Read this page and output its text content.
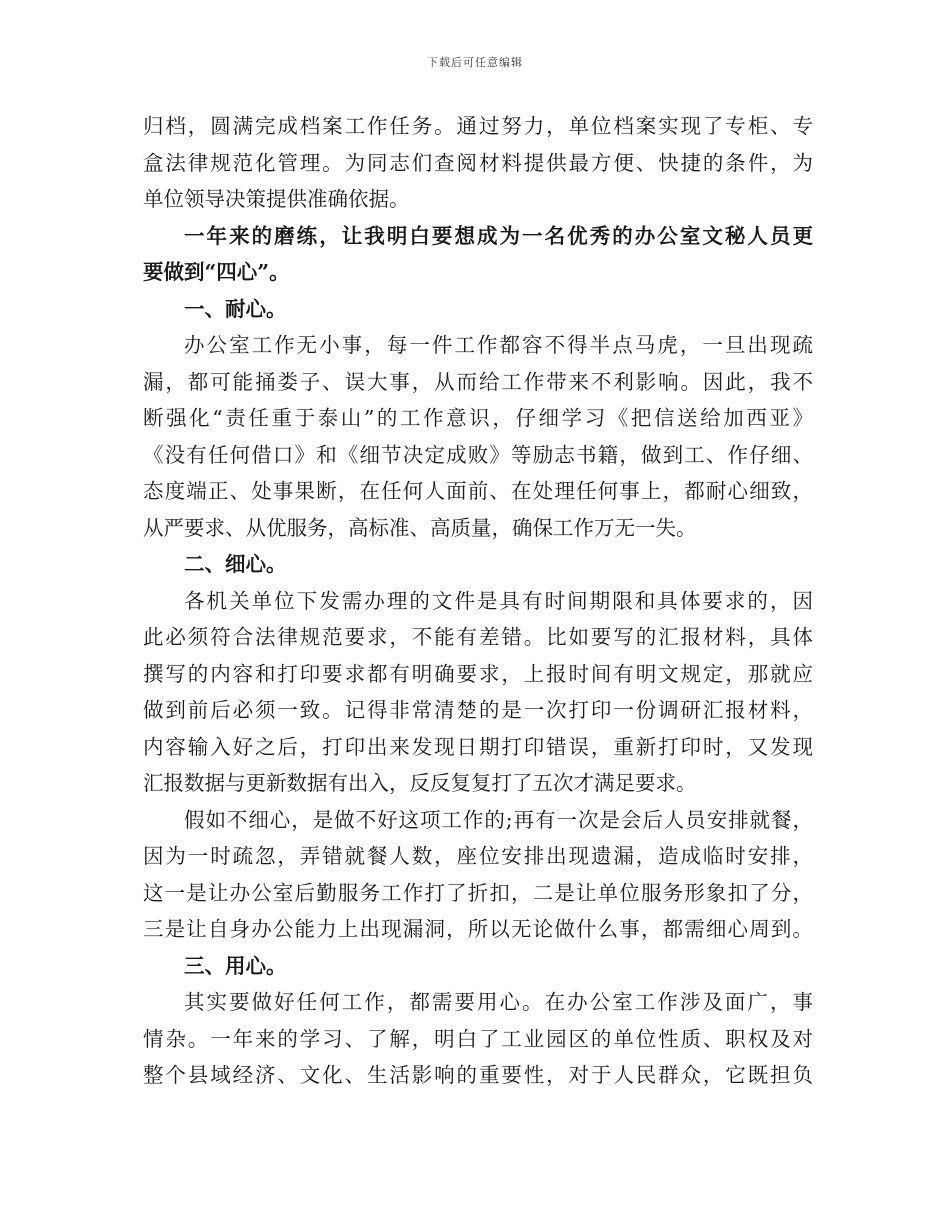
下载后可任意编辑
归档，圆满完成档案工作任务。通过努力，单位档案实现了专柜、专
盒法律规范化管理。为同志们查阅材料提供最方便、快捷的条件，为
单位领导决策提供准确依据。
一年来的磨练，让我明白要想成为一名优秀的办公室文秘人员更
要做到“四心”。
一、耐心。
办公室工作无小事，每一件工作都容不得半点马虎，一旦出现疏
漏，都可能捅娄子、误大事，从而给工作带来不利影响。因此，我不
断强化“责任重于泰山”的工作意识，仔细学习《把信送给加西亚》
《没有任何借口》和《细节决定成败》等励志书籍，做到工、作仔细、
态度端正、处事果断，在任何人面前、在处理任何事上，都耐心细致，
从严要求、从优服务，高标准、高质量，确保工作万无一失。
二、细心。
各机关单位下发需办理的文件是具有时间期限和具体要求的，因
此必须符合法律规范要求，不能有差错。比如要写的汇报材料，具体
撰写的内容和打印要求都有明确要求，上报时间有明文规定，那就应
做到前后必须一致。记得非常清楚的是一次打印一份调研汇报材料，
内容输入好之后，打印出来发现日期打印错误，重新打印时，又发现
汇报数据与更新数据有出入，反反复复打了五次才满足要求。
假如不细心，是做不好这项工作的;再有一次是会后人员安排就餐，
因为一时疏忽，弄错就餐人数，座位安排出现遗漏，造成临时安排，
这一是让办公室后勤服务工作打了折扣，二是让单位服务形象扣了分，
三是让自身办公能力上出现漏洞，所以无论做什么事，都需细心周到。
三、用心。
其实要做好任何工作，都需要用心。在办公室工作涉及面广，事
情杂。一年来的学习、了解，明白了工业园区的单位性质、职权及对
整个县域经济、文化、生活影响的重要性，对于人民群众，它既担负
